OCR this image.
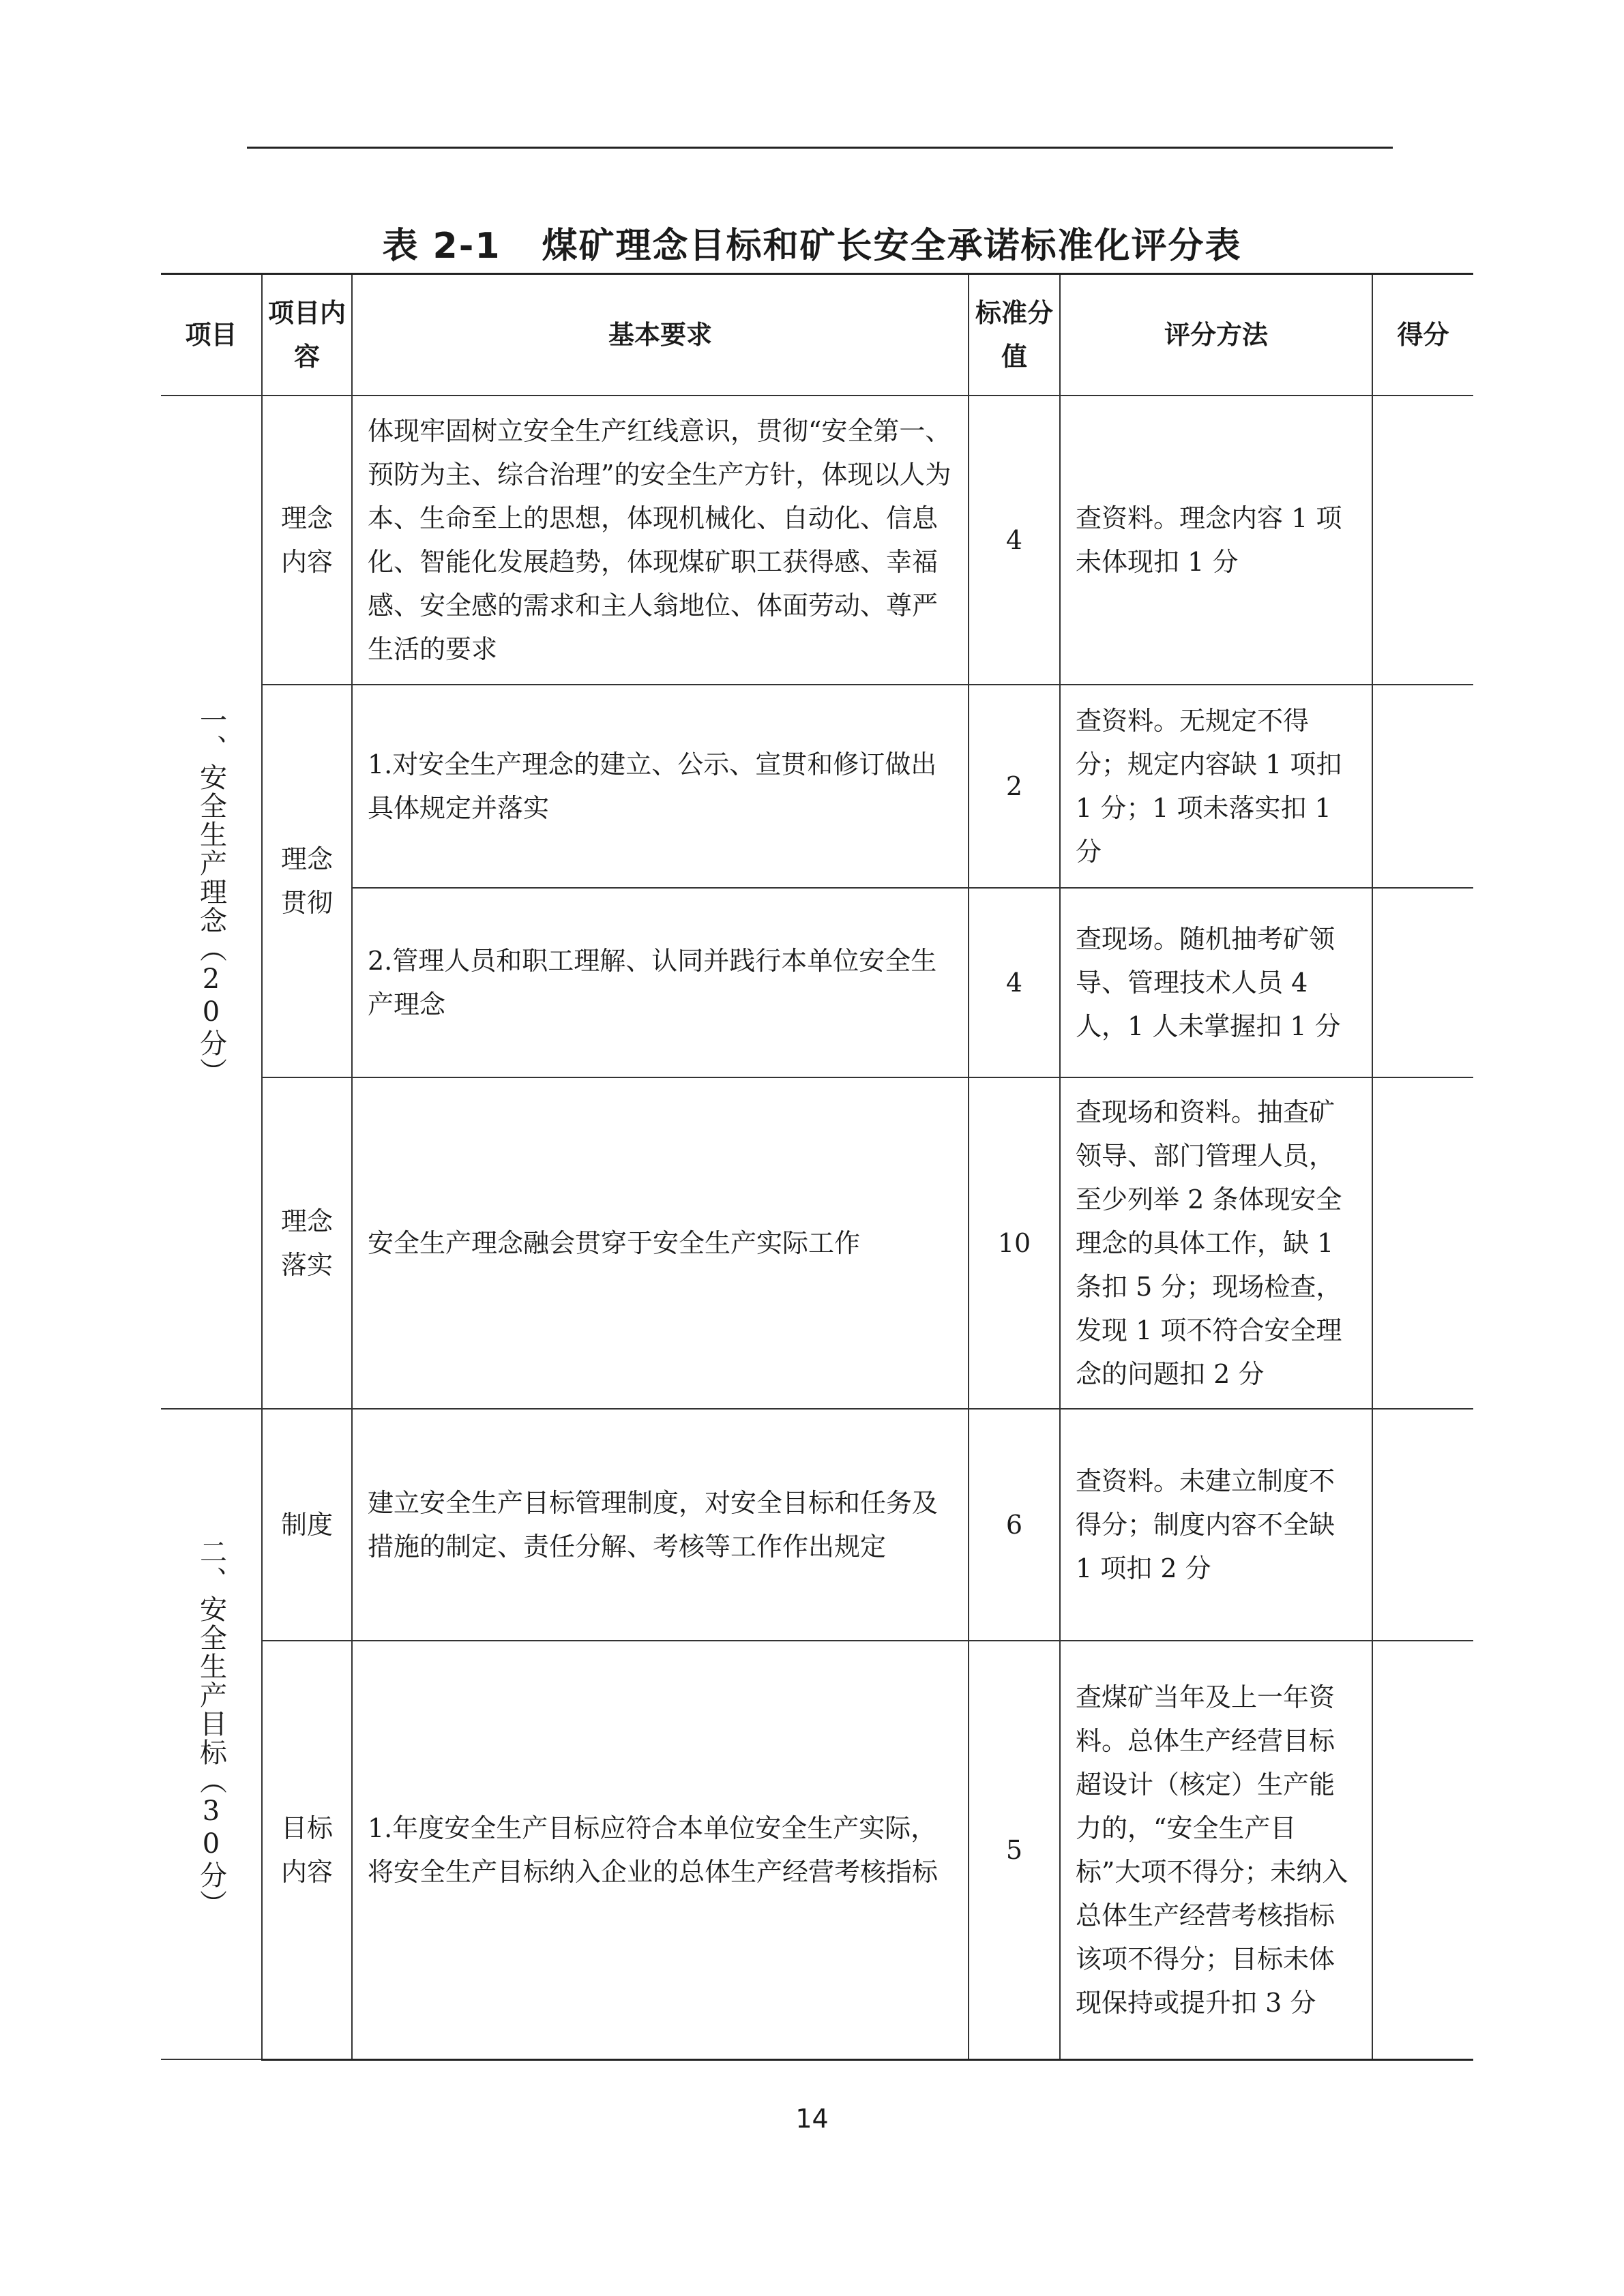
表 2-1 煤矿理念目标和矿长安全承诺标准化评分表
项目	项目内容	基本要求	标准分值	评分方法	得分
一、安全生产理念（20分）	理念内容	体现牢固树立安全生产红线意识，贯彻“安全第一、预防为主、综合治理”的安全生产方针，体现以人为本、生命至上的思想，体现机械化、自动化、信息化、智能化发展趋势，体现煤矿职工获得感、幸福感、安全感的需求和主人翁地位、体面劳动、尊严生活的要求	4	查资料。理念内容 1 项未体现扣 1 分	
	理念贯彻	1.对安全生产理念的建立、公示、宣贯和修订做出具体规定并落实	2	查资料。无规定不得分；规定内容缺 1 项扣 1 分；1 项未落实扣 1 分	
		2.管理人员和职工理解、认同并践行本单位安全生产理念	4	查现场。随机抽考矿领导、管理技术人员 4 人，1 人未掌握扣 1 分	
	理念落实	安全生产理念融会贯穿于安全生产实际工作	10	查现场和资料。抽查矿领导、部门管理人员，至少列举 2 条体现安全理念的具体工作，缺 1 条扣 5 分；现场检查，发现 1 项不符合安全理念的问题扣 2 分	
二、安全生产目标（30分）	制度	建立安全生产目标管理制度，对安全目标和任务及措施的制定、责任分解、考核等工作作出规定	6	查资料。未建立制度不得分；制度内容不全缺 1 项扣 2 分	
	目标内容	1.年度安全生产目标应符合本单位安全生产实际，将安全生产目标纳入企业的总体生产经营考核指标	5	查煤矿当年及上一年资料。总体生产经营目标超设计（核定）生产能力的，“安全生产目标”大项不得分；未纳入总体生产经营考核指标该项不得分；目标未体现保持或提升扣 3 分	
14
